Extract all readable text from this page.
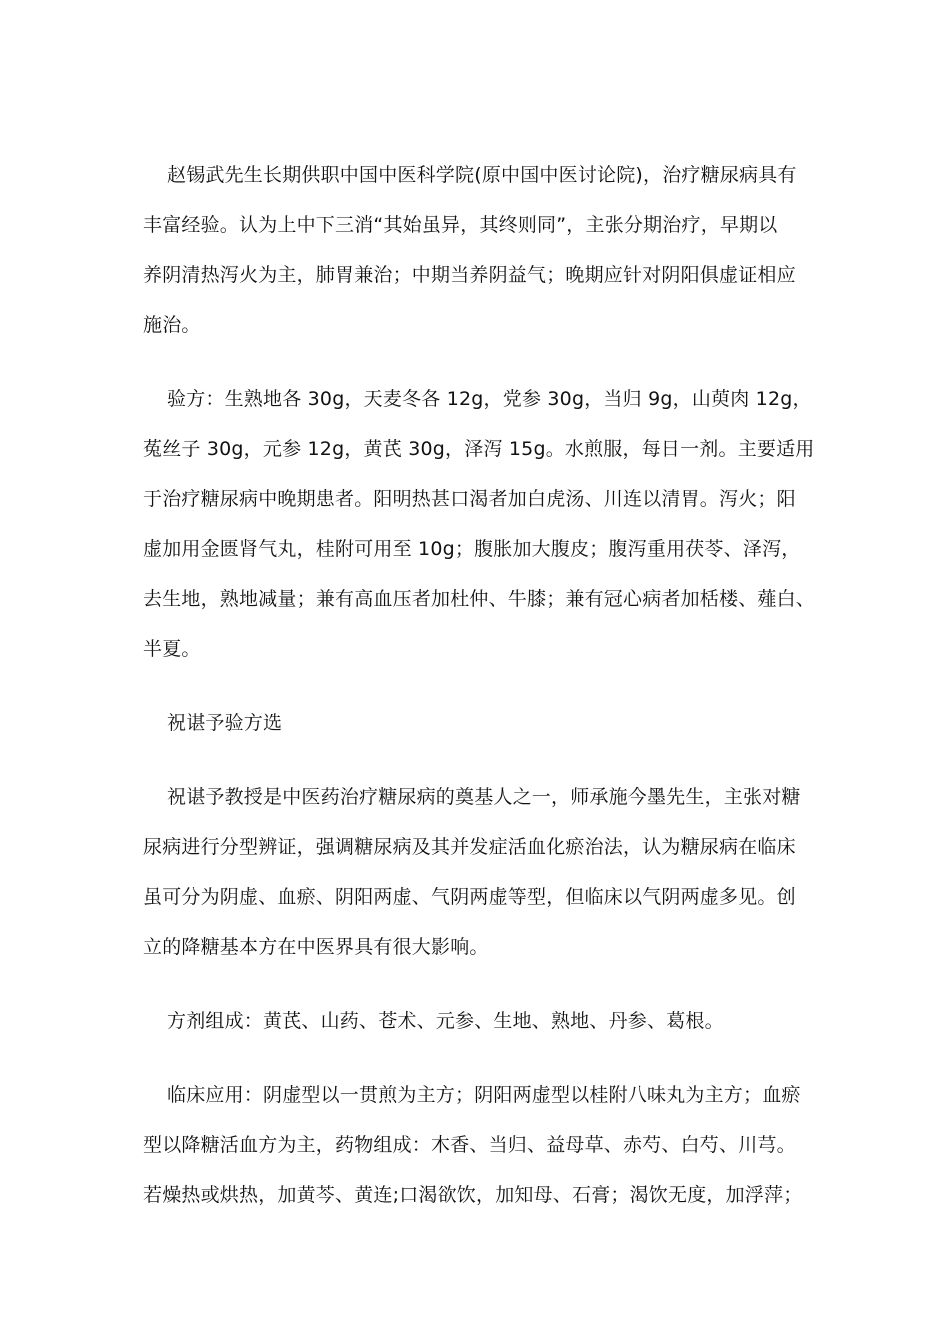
赵锡武先生长期供职中国中医科学院(原中国中医讨论院)，治疗糖尿病具有
丰富经验。认为上中下三消“其始虽异，其终则同”，主张分期治疗，早期以
养阴清热泻火为主，肺胃兼治；中期当养阴益气；晚期应针对阴阳俱虚证相应
施治。
验方：生熟地各 30g，天麦冬各 12g，党参 30g，当归 9g，山萸肉 12g，
菟丝子 30g，元参 12g，黄芪 30g，泽泻 15g。水煎服，每日一剂。主要适用
于治疗糖尿病中晚期患者。阳明热甚口渴者加白虎汤、川连以清胃。泻火；阳
虚加用金匮肾气丸，桂附可用至 10g；腹胀加大腹皮；腹泻重用茯苓、泽泻，
去生地，熟地减量；兼有高血压者加杜仲、牛膝；兼有冠心病者加栝楼、薤白、
半夏。
祝谌予验方选
祝谌予教授是中医药治疗糖尿病的奠基人之一，师承施今墨先生，主张对糖
尿病进行分型辨证，强调糖尿病及其并发症活血化瘀治法，认为糖尿病在临床
虽可分为阴虚、血瘀、阴阳两虚、气阴两虚等型，但临床以气阴两虚多见。创
立的降糖基本方在中医界具有很大影响。
方剂组成：黄芪、山药、苍术、元参、生地、熟地、丹参、葛根。
临床应用：阴虚型以一贯煎为主方；阴阳两虚型以桂附八味丸为主方；血瘀
型以降糖活血方为主，药物组成：木香、当归、益母草、赤芍、白芍、川芎。
若燥热或烘热，加黄芩、黄连;口渴欲饮，加知母、石膏；渴饮无度，加浮萍；
